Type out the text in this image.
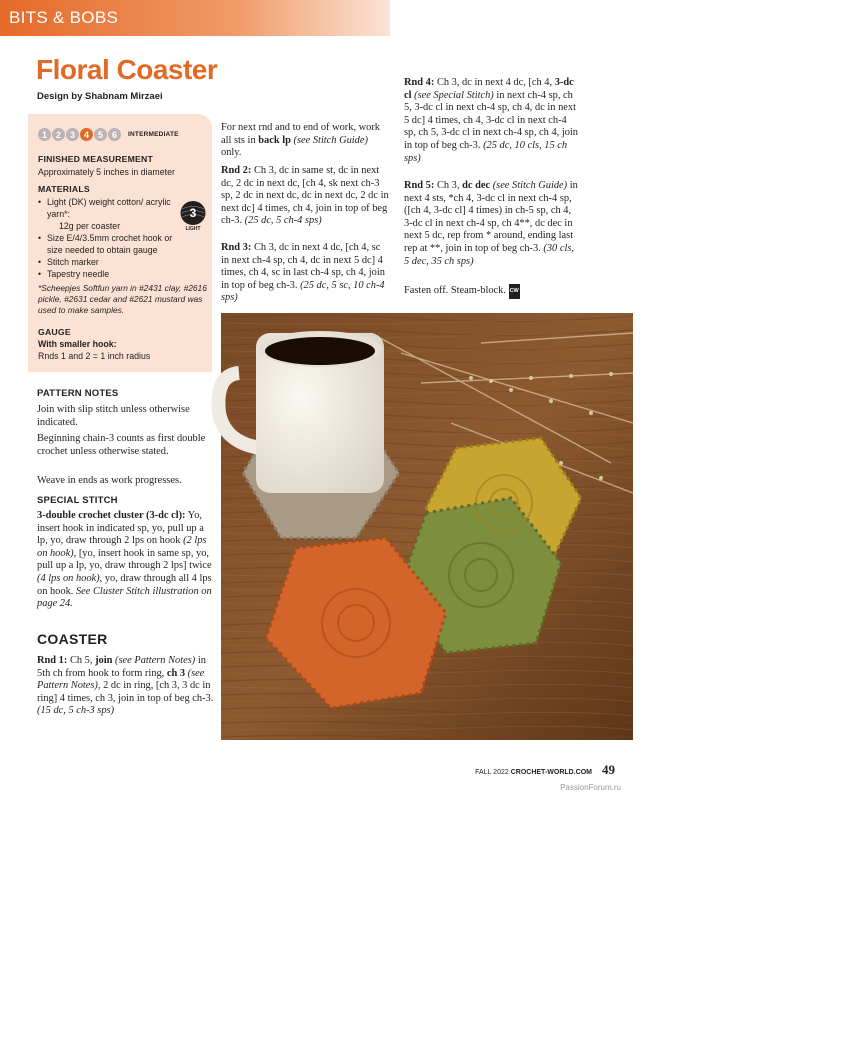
BITS & BOBS
Floral Coaster
Design by Shabnam Mirzaei
1 2 3 4 5 6	INTERMEDIATE
FINISHED MEASUREMENT
Approximately 5 inches in diameter
MATERIALS
• Light (DK) weight cotton/ acrylic yarn*:
12g per coaster
• Size E/4/3.5mm crochet hook or size needed to obtain gauge
• Stitch marker
• Tapestry needle
3
LIGHT
*Scheepjes Softfun yarn in #2431 clay, #2616 pickle, #2631 cedar and #2621 mustard was used to make samples.
GAUGE
With smaller hook:
Rnds 1 and 2 = 1 inch radius
PATTERN NOTES
Join with slip stitch unless otherwise indicated.
Beginning chain-3 counts as first double crochet unless otherwise stated.
Weave in ends as work progresses.
SPECIAL STITCH
3-double crochet cluster (3-dc cl): Yo, insert hook in indicated sp, yo, pull up a lp, yo, draw through 2 lps on hook (2 lps on hook), [yo, insert hook in same sp, yo, pull up a lp, yo, draw through 2 lps] twice (4 lps on hook), yo, draw through all 4 lps on hook. See Cluster Stitch illustration on page 24.
COASTER
Rnd 1: Ch 5, join (see Pattern Notes) in 5th ch from hook to form ring, ch 3 (see Pattern Notes), 2 dc in ring, [ch 3, 3 dc in ring] 4 times, ch 3, join in top of beg ch-3. (15 dc, 5 ch-3 sps)
For next rnd and to end of work, work all sts in back lp (see Stitch Guide) only.
Rnd 2: Ch 3, dc in same st, dc in next dc, 2 dc in next dc, [ch 4, sk next ch-3 sp, 2 dc in next dc, dc in next dc, 2 dc in next dc] 4 times, ch 4, join in top of beg ch-3. (25 dc, 5 ch-4 sps)
Rnd 3: Ch 3, dc in next 4 dc, [ch 4, sc in next ch-4 sp, ch 4, dc in next 5 dc] 4 times, ch 4, sc in last ch-4 sp, ch 4, join in top of beg ch-3. (25 dc, 5 sc, 10 ch-4 sps)
Rnd 4: Ch 3, dc in next 4 dc, [ch 4, 3-dc cl (see Special Stitch) in next ch-4 sp, ch 5, 3-dc cl in next ch-4 sp, ch 4, dc in next 5 dc] 4 times, ch 4, 3-dc cl in next ch-4 sp, ch 5, 3-dc cl in next ch-4 sp, ch 4, join in top of beg ch-3. (25 dc, 10 cls, 15 ch sps)
Rnd 5: Ch 3, dc dec (see Stitch Guide) in next 4 sts, *ch 4, 3-dc cl in next ch-4 sp, ([ch 4, 3-dc cl] 4 times) in ch-5 sp, ch 4, 3-dc cl in next ch-4 sp, ch 4**, dc dec in next 5 dc, rep from * around, ending last rep at **, join in top of beg ch-3. (30 cls, 5 dec, 35 ch sps)
Fasten off. Steam-block. CW
Make a colorful matching set of coasters
from your yarn stash in a pretty floral
design from this easy-to-work-up pattern.
FALL 2022 CROCHET-WORLD.COM 49
PassionForum.ru
